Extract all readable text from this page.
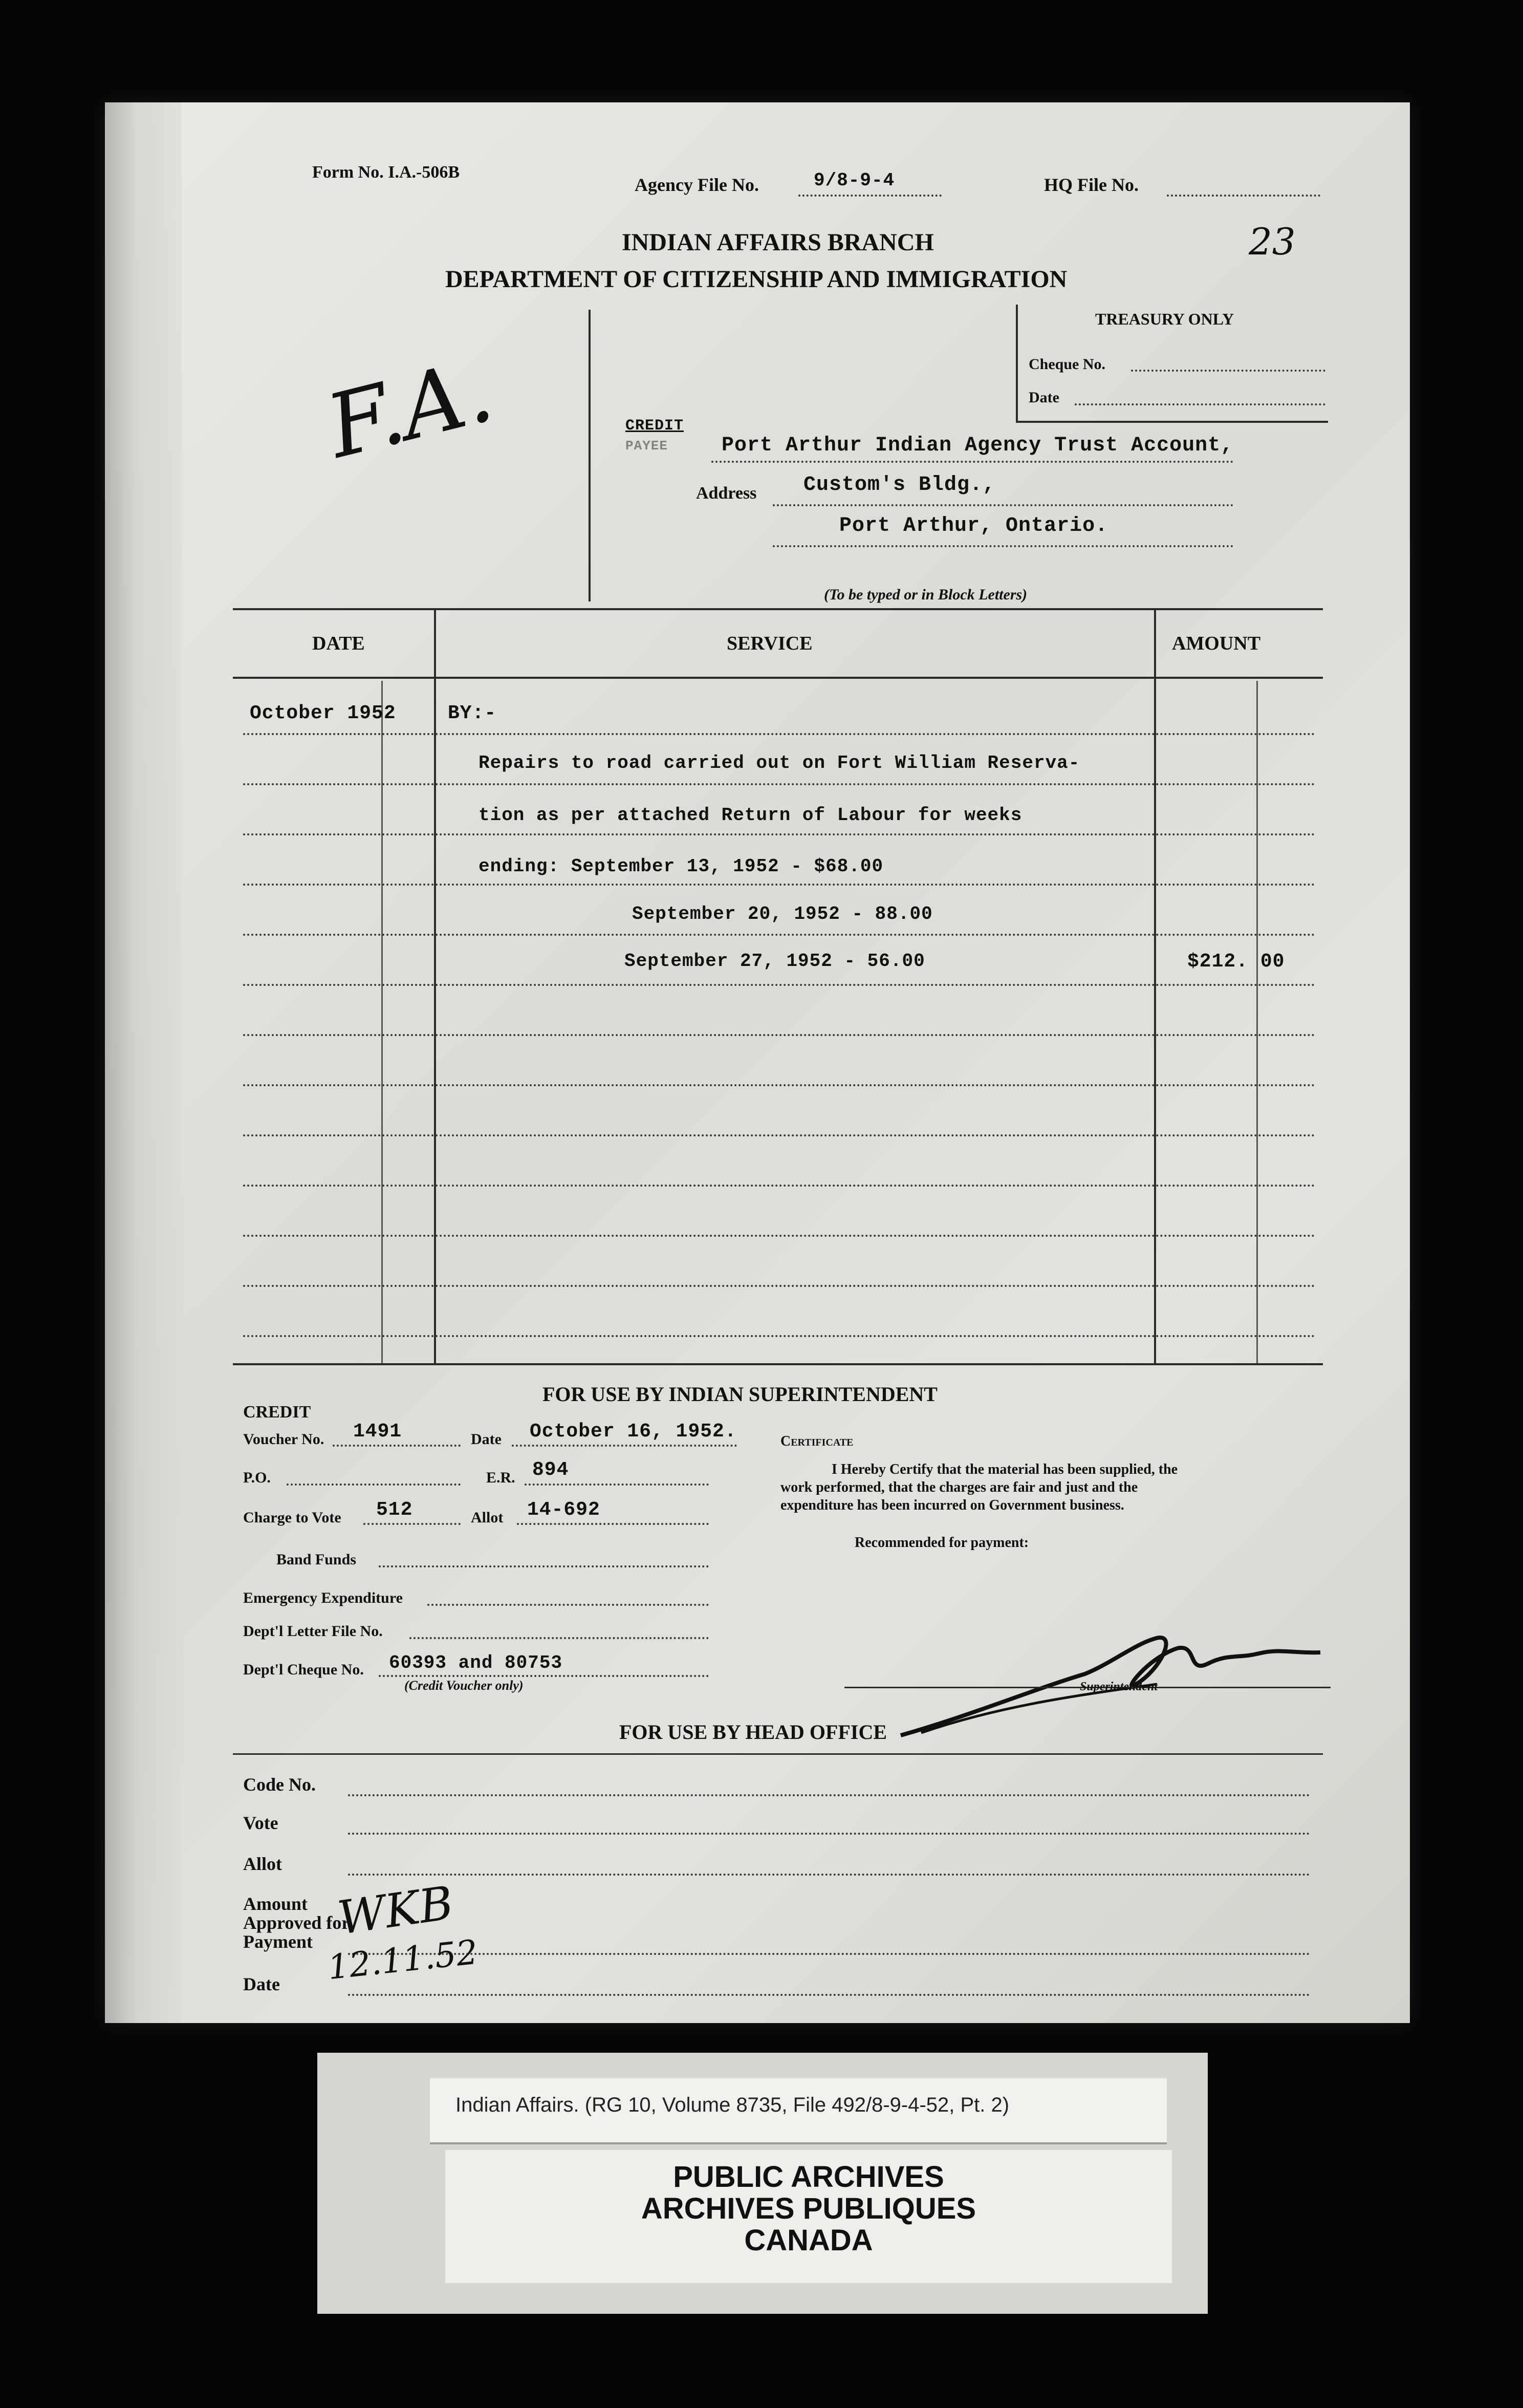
Form No. I.A.-506B
Agency File No.	9/8-9-4	HQ File No.
23
INDIAN AFFAIRS BRANCH
DEPARTMENT OF CITIZENSHIP AND IMMIGRATION
F.A.
TREASURY ONLY
Cheque No.
Date
CREDIT
PAYEE	Port Arthur Indian Agency Trust Account,
Address Custom's Bldg.,
Port Arthur, Ontario.
(To be typed or in Block Letters)
DATE	SERVICE	AMOUNT
October 1952	BY:-
Repairs to road carried out on Fort William Reserva-
tion as per attached Return of Labour for weeks
ending: September 13, 1952 - $68.00
September 20, 1952 - 88.00
September 27, 1952 - 56.00	$212. 00
FOR USE BY INDIAN SUPERINTENDENT
CREDIT
Voucher No. 1491	Date October 16, 1952.
P.O.	E.R. 894
Charge to Vote 512	Allot 14-692
Band Funds
Emergency Expenditure
Dept'l Letter File No.
Dept'l Cheque No. 60393 and 80753
(Credit Voucher only)
Certificate
I Hereby Certify that the material has been supplied, the
work performed, that the charges are fair and just and the
expenditure has been incurred on Government business.
Recommended for payment:
Superintendent
FOR USE BY HEAD OFFICE
Code No.
Vote
Allot
Amount
Approved for
Payment
Date
WKB
12.11.52
Indian Affairs. (RG 10, Volume 8735, File 492/8-9-4-52, Pt. 2)
PUBLIC ARCHIVES
ARCHIVES PUBLIQUES
CANADA
